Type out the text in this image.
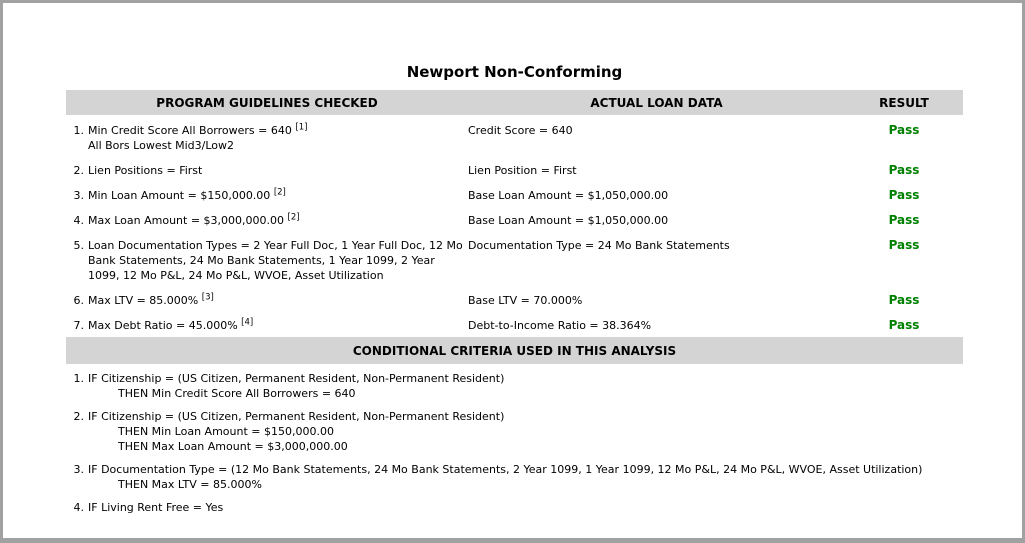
Newport Non-Conforming
PROGRAM GUIDELINES CHECKED	ACTUAL LOAN DATA	RESULT
1. Min Credit Score All Borrowers = 640 [1]
All Bors Lowest Mid3/Low2
Credit Score = 640	Pass
2. Lien Positions = First	Lien Position = First	Pass
3. Min Loan Amount = $150,000.00 [2]	Base Loan Amount = $1,050,000.00	Pass
4. Max Loan Amount = $3,000,000.00 [2]	Base Loan Amount = $1,050,000.00	Pass
5. Loan Documentation Types = 2 Year Full Doc, 1 Year Full Doc, 12 Mo Bank Statements, 24 Mo Bank Statements, 1 Year 1099, 2 Year 1099, 12 Mo P&L, 24 Mo P&L, WVOE, Asset Utilization
Documentation Type = 24 Mo Bank Statements	Pass
6. Max LTV = 85.000% [3]	Base LTV = 70.000%	Pass
7. Max Debt Ratio = 45.000% [4]	Debt-to-Income Ratio = 38.364%	Pass
CONDITIONAL CRITERIA USED IN THIS ANALYSIS
1. IF Citizenship = (US Citizen, Permanent Resident, Non-Permanent Resident)
THEN Min Credit Score All Borrowers = 640
2. IF Citizenship = (US Citizen, Permanent Resident, Non-Permanent Resident)
THEN Min Loan Amount = $150,000.00
THEN Max Loan Amount = $3,000,000.00
3. IF Documentation Type = (12 Mo Bank Statements, 24 Mo Bank Statements, 2 Year 1099, 1 Year 1099, 12 Mo P&L, 24 Mo P&L, WVOE, Asset Utilization)
THEN Max LTV = 85.000%
4. IF Living Rent Free = Yes
